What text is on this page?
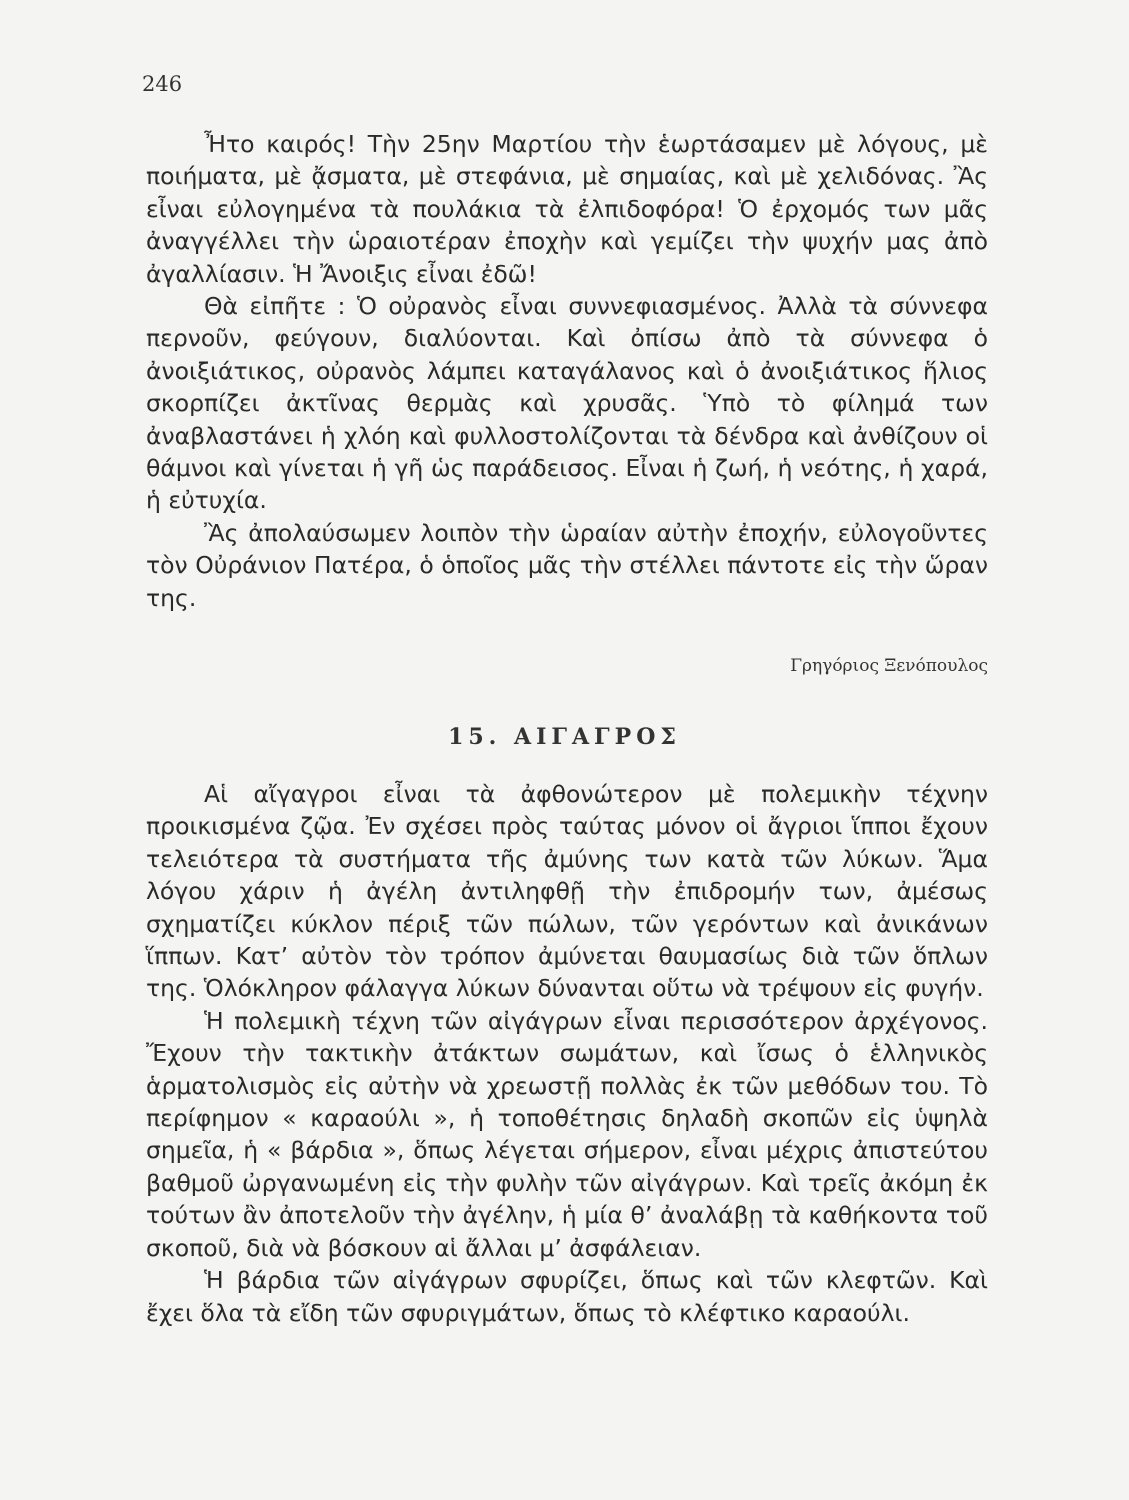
246

Ἦτο καιρός! Τὴν 25ην Μαρτίου τὴν ἑωρτάσαμεν μὲ λόγους, μὲ ποιήματα, μὲ ᾄσματα, μὲ στεφάνια, μὲ σημαίας, καὶ μὲ χελιδόνας. Ἂς εἶναι εὐλογημένα τὰ πουλάκια τὰ ἐλπιδοφόρα! Ὁ ἐρχομός των μᾶς ἀναγγέλλει τὴν ὡραιοτέραν ἐποχὴν καὶ γεμίζει τὴν ψυχήν μας ἀπὸ ἀγαλλίασιν. Ἡ Ἄνοιξις εἶναι ἐδῶ!

Θὰ εἰπῆτε : Ὁ οὐρανὸς εἶναι συννεφιασμένος. Ἀλλὰ τὰ σύννεφα περνοῦν, φεύγουν, διαλύονται. Καὶ ὀπίσω ἀπὸ τὰ σύννεφα ὁ ἀνοιξιάτικος, οὐρανὸς λάμπει καταγάλανος καὶ ὁ ἀνοιξιάτικος ἥλιος σκορπίζει ἀκτῖνας θερμὰς καὶ χρυσᾶς. Ὑπὸ τὸ φίλημά των ἀναβλαστάνει ἡ χλόη καὶ φυλλοστολίζονται τὰ δένδρα καὶ ἀνθίζουν οἱ θάμνοι καὶ γίνεται ἡ γῆ ὡς παράδεισος. Εἶναι ἡ ζωή, ἡ νεότης, ἡ χαρά, ἡ εὐτυχία.

Ἂς ἀπολαύσωμεν λοιπὸν τὴν ὡραίαν αὐτὴν ἐποχήν, εὐλογοῦντες τὸν Οὐράνιον Πατέρα, ὁ ὁποῖος μᾶς τὴν στέλλει πάντοτε εἰς τὴν ὥραν της.

Γρηγόριος Ξενόπουλος
15. ΑΙΓΑΓΡΟΣ

Αἱ αἴγαγροι εἶναι τὰ ἀφθονώτερον μὲ πολεμικὴν τέχνην προικισμένα ζῷα. Ἐν σχέσει πρὸς ταύτας μόνον οἱ ἄγριοι ἵπποι ἔχουν τελειότερα τὰ συστήματα τῆς ἀμύνης των κατὰ τῶν λύκων. Ἅμα λόγου χάριν ἡ ἀγέλη ἀντιληφθῇ τὴν ἐπιδρομήν των, ἀμέσως σχηματίζει κύκλον πέριξ τῶν πώλων, τῶν γερόντων καὶ ἀνικάνων ἵππων. Κατ’ αὐτὸν τὸν τρόπον ἀμύνεται θαυμασίως διὰ τῶν ὅπλων της. Ὁλόκληρον φάλαγγα λύκων δύνανται οὕτω νὰ τρέψουν εἰς φυγήν.

Ἡ πολεμικὴ τέχνη τῶν αἰγάγρων εἶναι περισσότερον ἀρχέγονος. Ἔχουν τὴν τακτικὴν ἀτάκτων σωμάτων, καὶ ἴσως ὁ ἑλληνικὸς ἁρματολισμὸς εἰς αὐτὴν νὰ χρεωστῇ πολλὰς ἐκ τῶν μεθόδων του. Τὸ περίφημον « καραούλι », ἡ τοποθέτησις δηλαδὴ σκοπῶν εἰς ὑψηλὰ σημεῖα, ἡ « βάρδια », ὅπως λέγεται σήμερον, εἶναι μέχρις ἀπιστεύτου βαθμοῦ ὠργανωμένη εἰς τὴν φυλὴν τῶν αἰγάγρων. Καὶ τρεῖς ἀκόμη ἐκ τούτων ἂν ἀποτελοῦν τὴν ἀγέλην, ἡ μία θ’ ἀναλάβῃ τὰ καθήκοντα τοῦ σκοποῦ, διὰ νὰ βόσκουν αἱ ἄλλαι μ’ ἀσφάλειαν.

Ἡ βάρδια τῶν αἰγάγρων σφυρίζει, ὅπως καὶ τῶν κλεφτῶν. Καὶ ἔχει ὅλα τὰ εἴδη τῶν σφυριγμάτων, ὅπως τὸ κλέφτικο καραούλι.
